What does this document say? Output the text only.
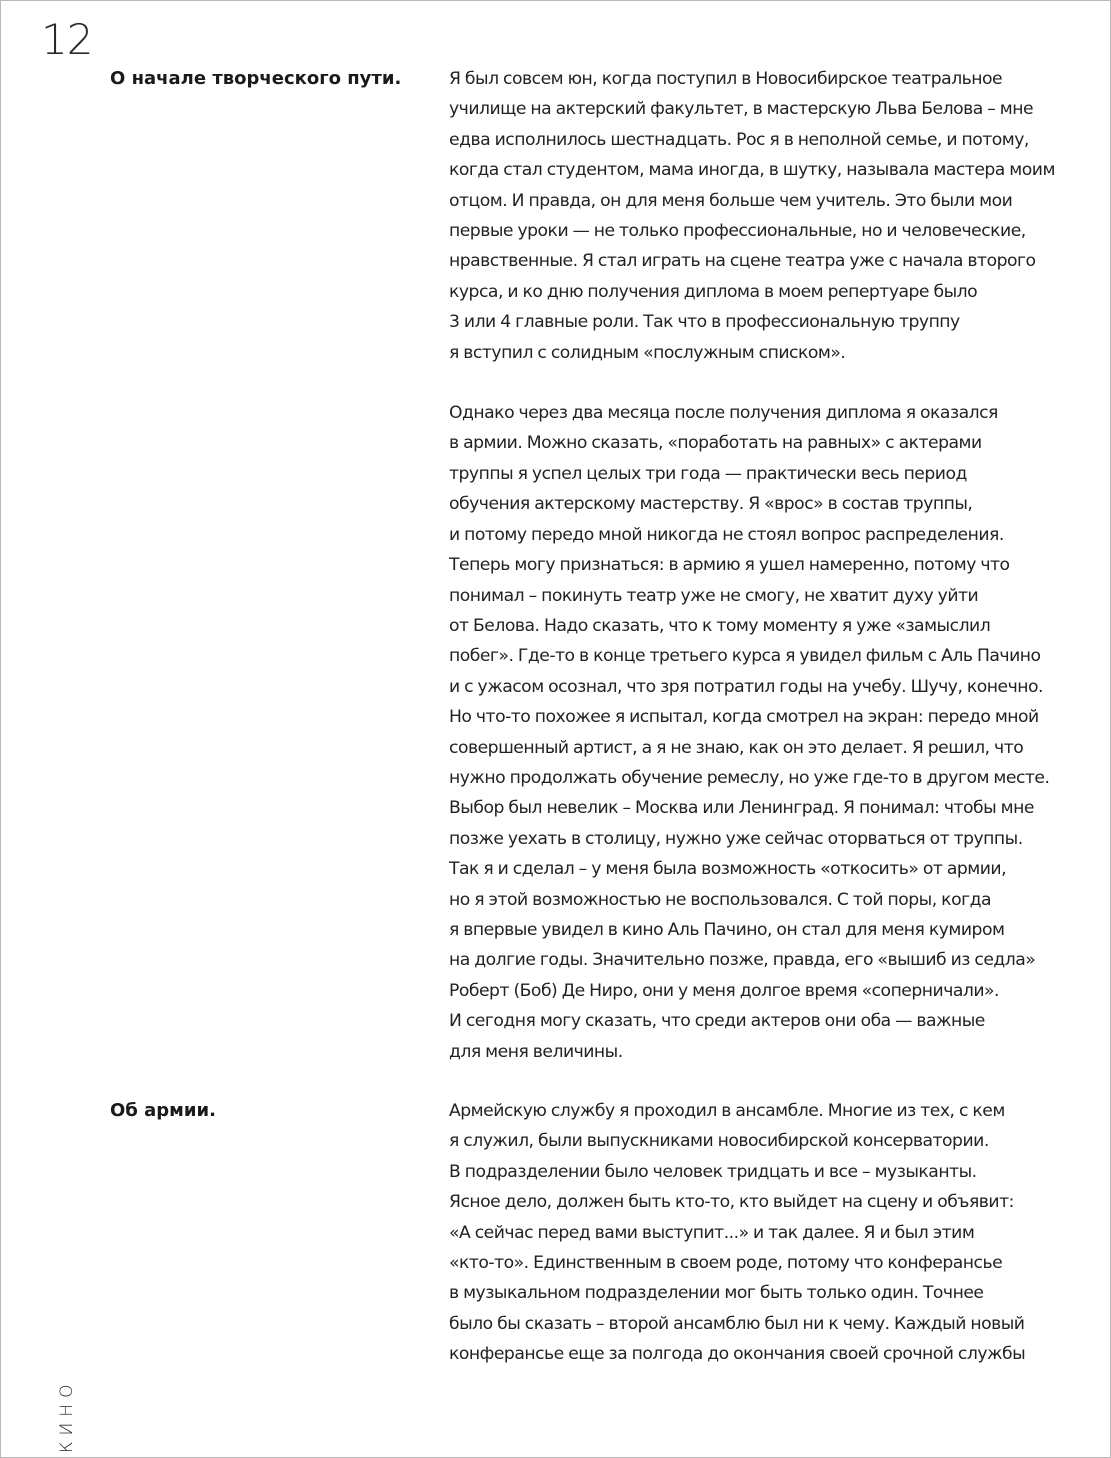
12
О начале творческого пути.	Я был совсем юн, когда поступил в Новосибирское театральное
училище на актерский факультет, в мастерскую Льва Белова – мне
едва исполнилось шестнадцать. Рос я в неполной семье, и потому,
когда стал студентом, мама иногда, в шутку, называла мастера моим
отцом. И правда, он для меня больше чем учитель. Это были мои
первые уроки — не только профессиональные, но и человеческие,
нравственные. Я стал играть на сцене театра уже с начала второго
курса, и ко дню получения диплома в моем репертуаре было
3 или 4 главные роли. Так что в профессиональную труппу
я вступил с солидным «послужным списком».

Однако через два месяца после получения диплома я оказался
в армии. Можно сказать, «поработать на равных» с актерами
труппы я успел целых три года — практически весь период
обучения актерскому мастерству. Я «врос» в состав труппы,
и потому передо мной никогда не стоял вопрос распределения.
Теперь могу признаться: в армию я ушел намеренно, потому что
понимал – покинуть театр уже не смогу, не хватит духу уйти
от Белова. Надо сказать, что к тому моменту я уже «замыслил
побег». Где-то в конце третьего курса я увидел фильм с Аль Пачино
и с ужасом осознал, что зря потратил годы на учебу. Шучу, конечно.
Но что-то похожее я испытал, когда смотрел на экран: передо мной
совершенный артист, а я не знаю, как он это делает. Я решил, что
нужно продолжать обучение ремеслу, но уже где-то в другом месте.
Выбор был невелик – Москва или Ленинград. Я понимал: чтобы мне
позже уехать в столицу, нужно уже сейчас оторваться от труппы.
Так я и сделал – у меня была возможность «откосить» от армии,
но я этой возможностью не воспользовался. С той поры, когда
я впервые увидел в кино Аль Пачино, он стал для меня кумиром
на долгие годы. Значительно позже, правда, его «вышиб из седла»
Роберт (Боб) Де Ниро, они у меня долгое время «соперничали».
И сегодня могу сказать, что среди актеров они оба — важные
для меня величины.

Об армии.	Армейскую службу я проходил в ансамбле. Многие из тех, с кем
я служил, были выпускниками новосибирской консерватории.
В подразделении было человек тридцать и все – музыканты.
Ясное дело, должен быть кто-то, кто выйдет на сцену и объявит:
«А сейчас перед вами выступит...» и так далее. Я и был этим
«кто-то». Единственным в своем роде, потому что конферансье
в музыкальном подразделении мог быть только один. Точнее
было бы сказать – второй ансамблю был ни к чему. Каждый новый
конферансье еще за полгода до окончания своей срочной службы

КИНО
